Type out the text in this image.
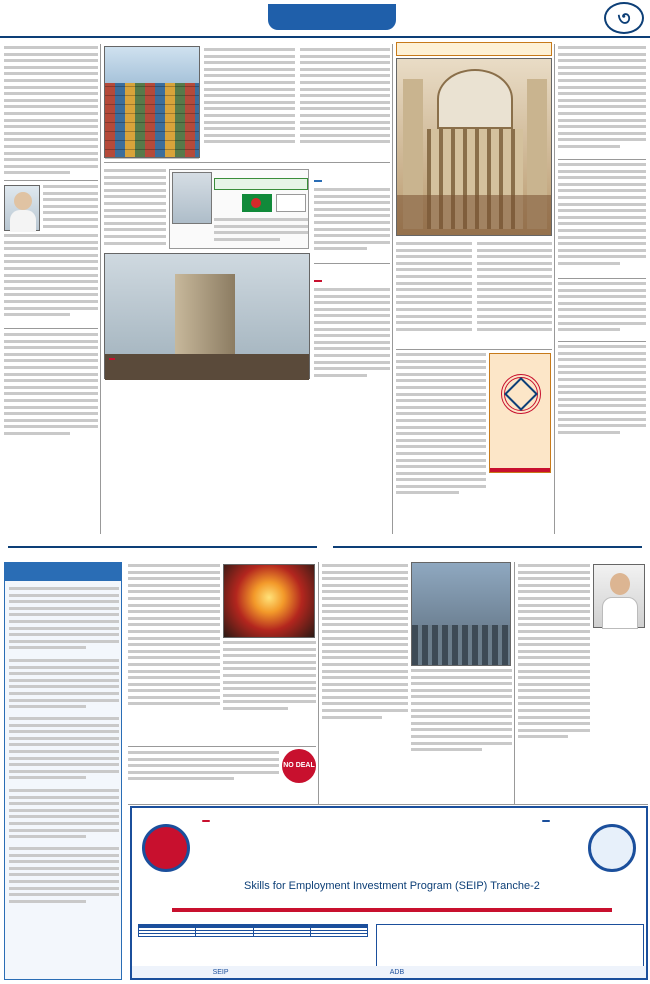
৩
Skills for Employment Investment Program (SEIP) Tranche-2

SEIP	ADB
NO DEAL
